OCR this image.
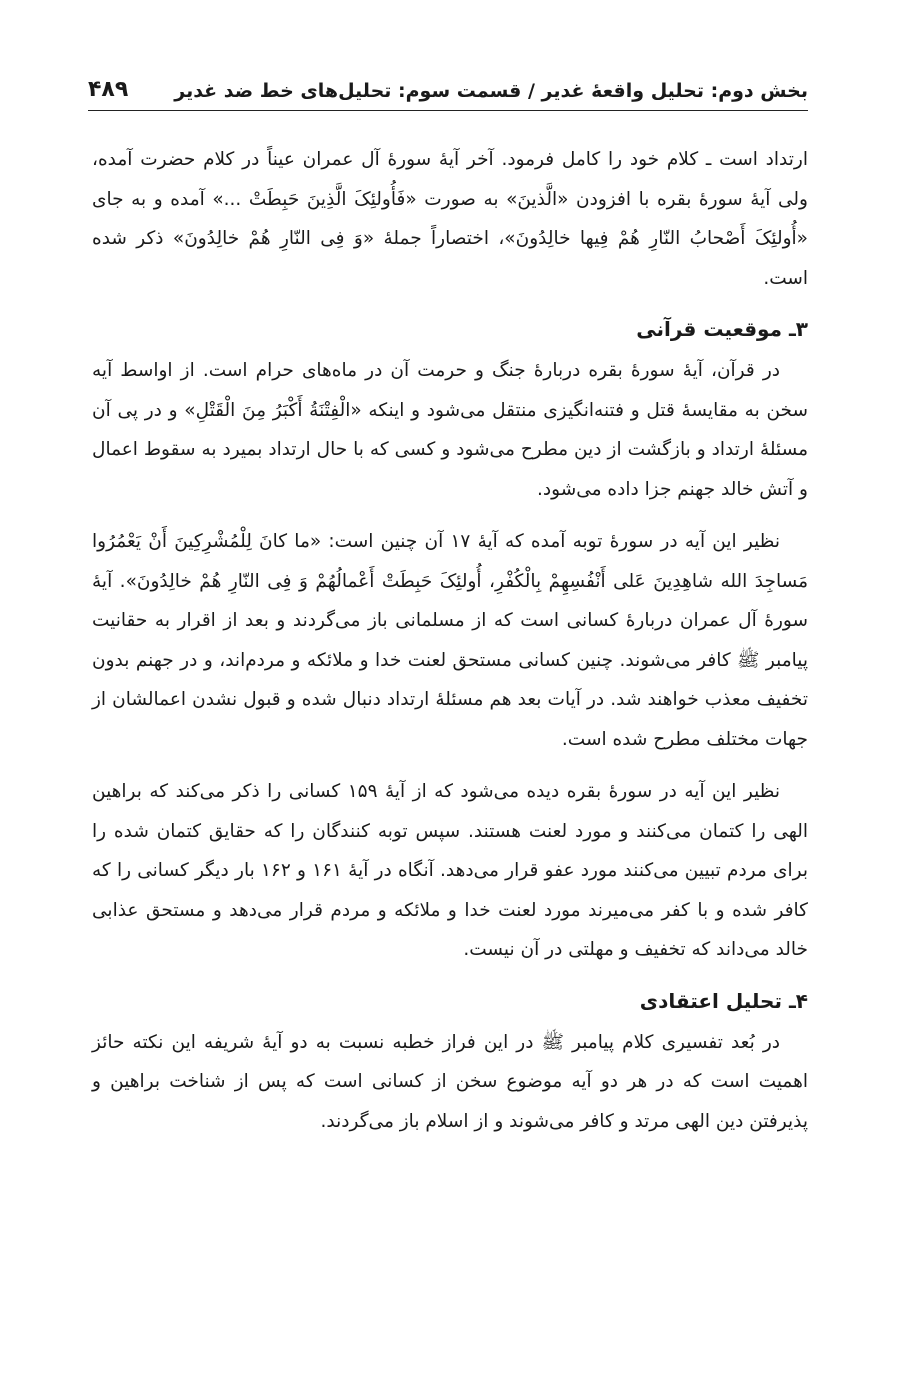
بخش دوم: تحلیل واقعهٔ غدیر / قسمت سوم: تحلیل‌های خط ضد غدیر
۴۸۹

ارتداد است ـ کلام خود را کامل فرمود. آخر آیهٔ سورهٔ آل عمران عیناً در کلام حضرت آمده، ولی آیهٔ سورهٔ بقره با افزودن «الَّذینَ» به صورت «فَأُولئِکَ الَّذِینَ حَبِطَتْ ...» آمده و به جای «أُولئِکَ أَصْحابُ النّارِ هُمْ فِیها خالِدُونَ»، اختصاراً جملهٔ «وَ فِی النّارِ هُمْ خالِدُونَ» ذکر شده است.

۳ـ موقعیت قرآنی

در قرآن، آیهٔ سورهٔ بقره دربارهٔ جنگ و حرمت آن در ماه‌های حرام است. از اواسط آیه سخن به مقایسهٔ قتل و فتنه‌انگیزی منتقل می‌شود و اینکه «الْفِتْنَةُ أَکْبَرُ مِنَ الْقَتْلِ» و در پی آن مسئلهٔ ارتداد و بازگشت از دین مطرح می‌شود و کسی که با حال ارتداد بمیرد به سقوط اعمال و آتش خالد جهنم جزا داده می‌شود.

نظیر این آیه در سورهٔ توبه آمده که آیهٔ ۱۷ آن چنین است: «ما کانَ لِلْمُشْرِکِینَ أَنْ یَعْمُرُوا مَساجِدَ الله شاهِدِینَ عَلی أَنْفُسِهِمْ بِالْکُفْرِ، أُولئِکَ حَبِطَتْ أَعْمالُهُمْ وَ فِی النّارِ هُمْ خالِدُونَ». آیهٔ سورهٔ آل عمران دربارهٔ کسانی است که از مسلمانی باز می‌گردند و بعد از اقرار به حقانیت پیامبر ﷺ کافر می‌شوند. چنین کسانی مستحق لعنت خدا و ملائکه و مردم‌اند، و در جهنم بدون تخفیف معذب خواهند شد. در آیات بعد هم مسئلهٔ ارتداد دنبال شده و قبول نشدن اعمالشان از جهات مختلف مطرح شده است.

نظیر این آیه در سورهٔ بقره دیده می‌شود که از آیهٔ ۱۵۹ کسانی را ذکر می‌کند که براهین الهی را کتمان می‌کنند و مورد لعنت هستند. سپس توبه کنندگان را که حقایق کتمان شده را برای مردم تبیین می‌کنند مورد عفو قرار می‌دهد. آنگاه در آیهٔ ۱۶۱ و ۱۶۲ بار دیگر کسانی را که کافر شده و با کفر می‌میرند مورد لعنت خدا و ملائکه و مردم قرار می‌دهد و مستحق عذابی خالد می‌داند که تخفیف و مهلتی در آن نیست.

۴ـ تحلیل اعتقادی

در بُعد تفسیری کلام پیامبر ﷺ در این فراز خطبه نسبت به دو آیهٔ شریفه این نکته حائز اهمیت است که در هر دو آیه موضوع سخن از کسانی است که پس از شناخت براهین و پذیرفتن دین الهی مرتد و کافر می‌شوند و از اسلام باز می‌گردند.
